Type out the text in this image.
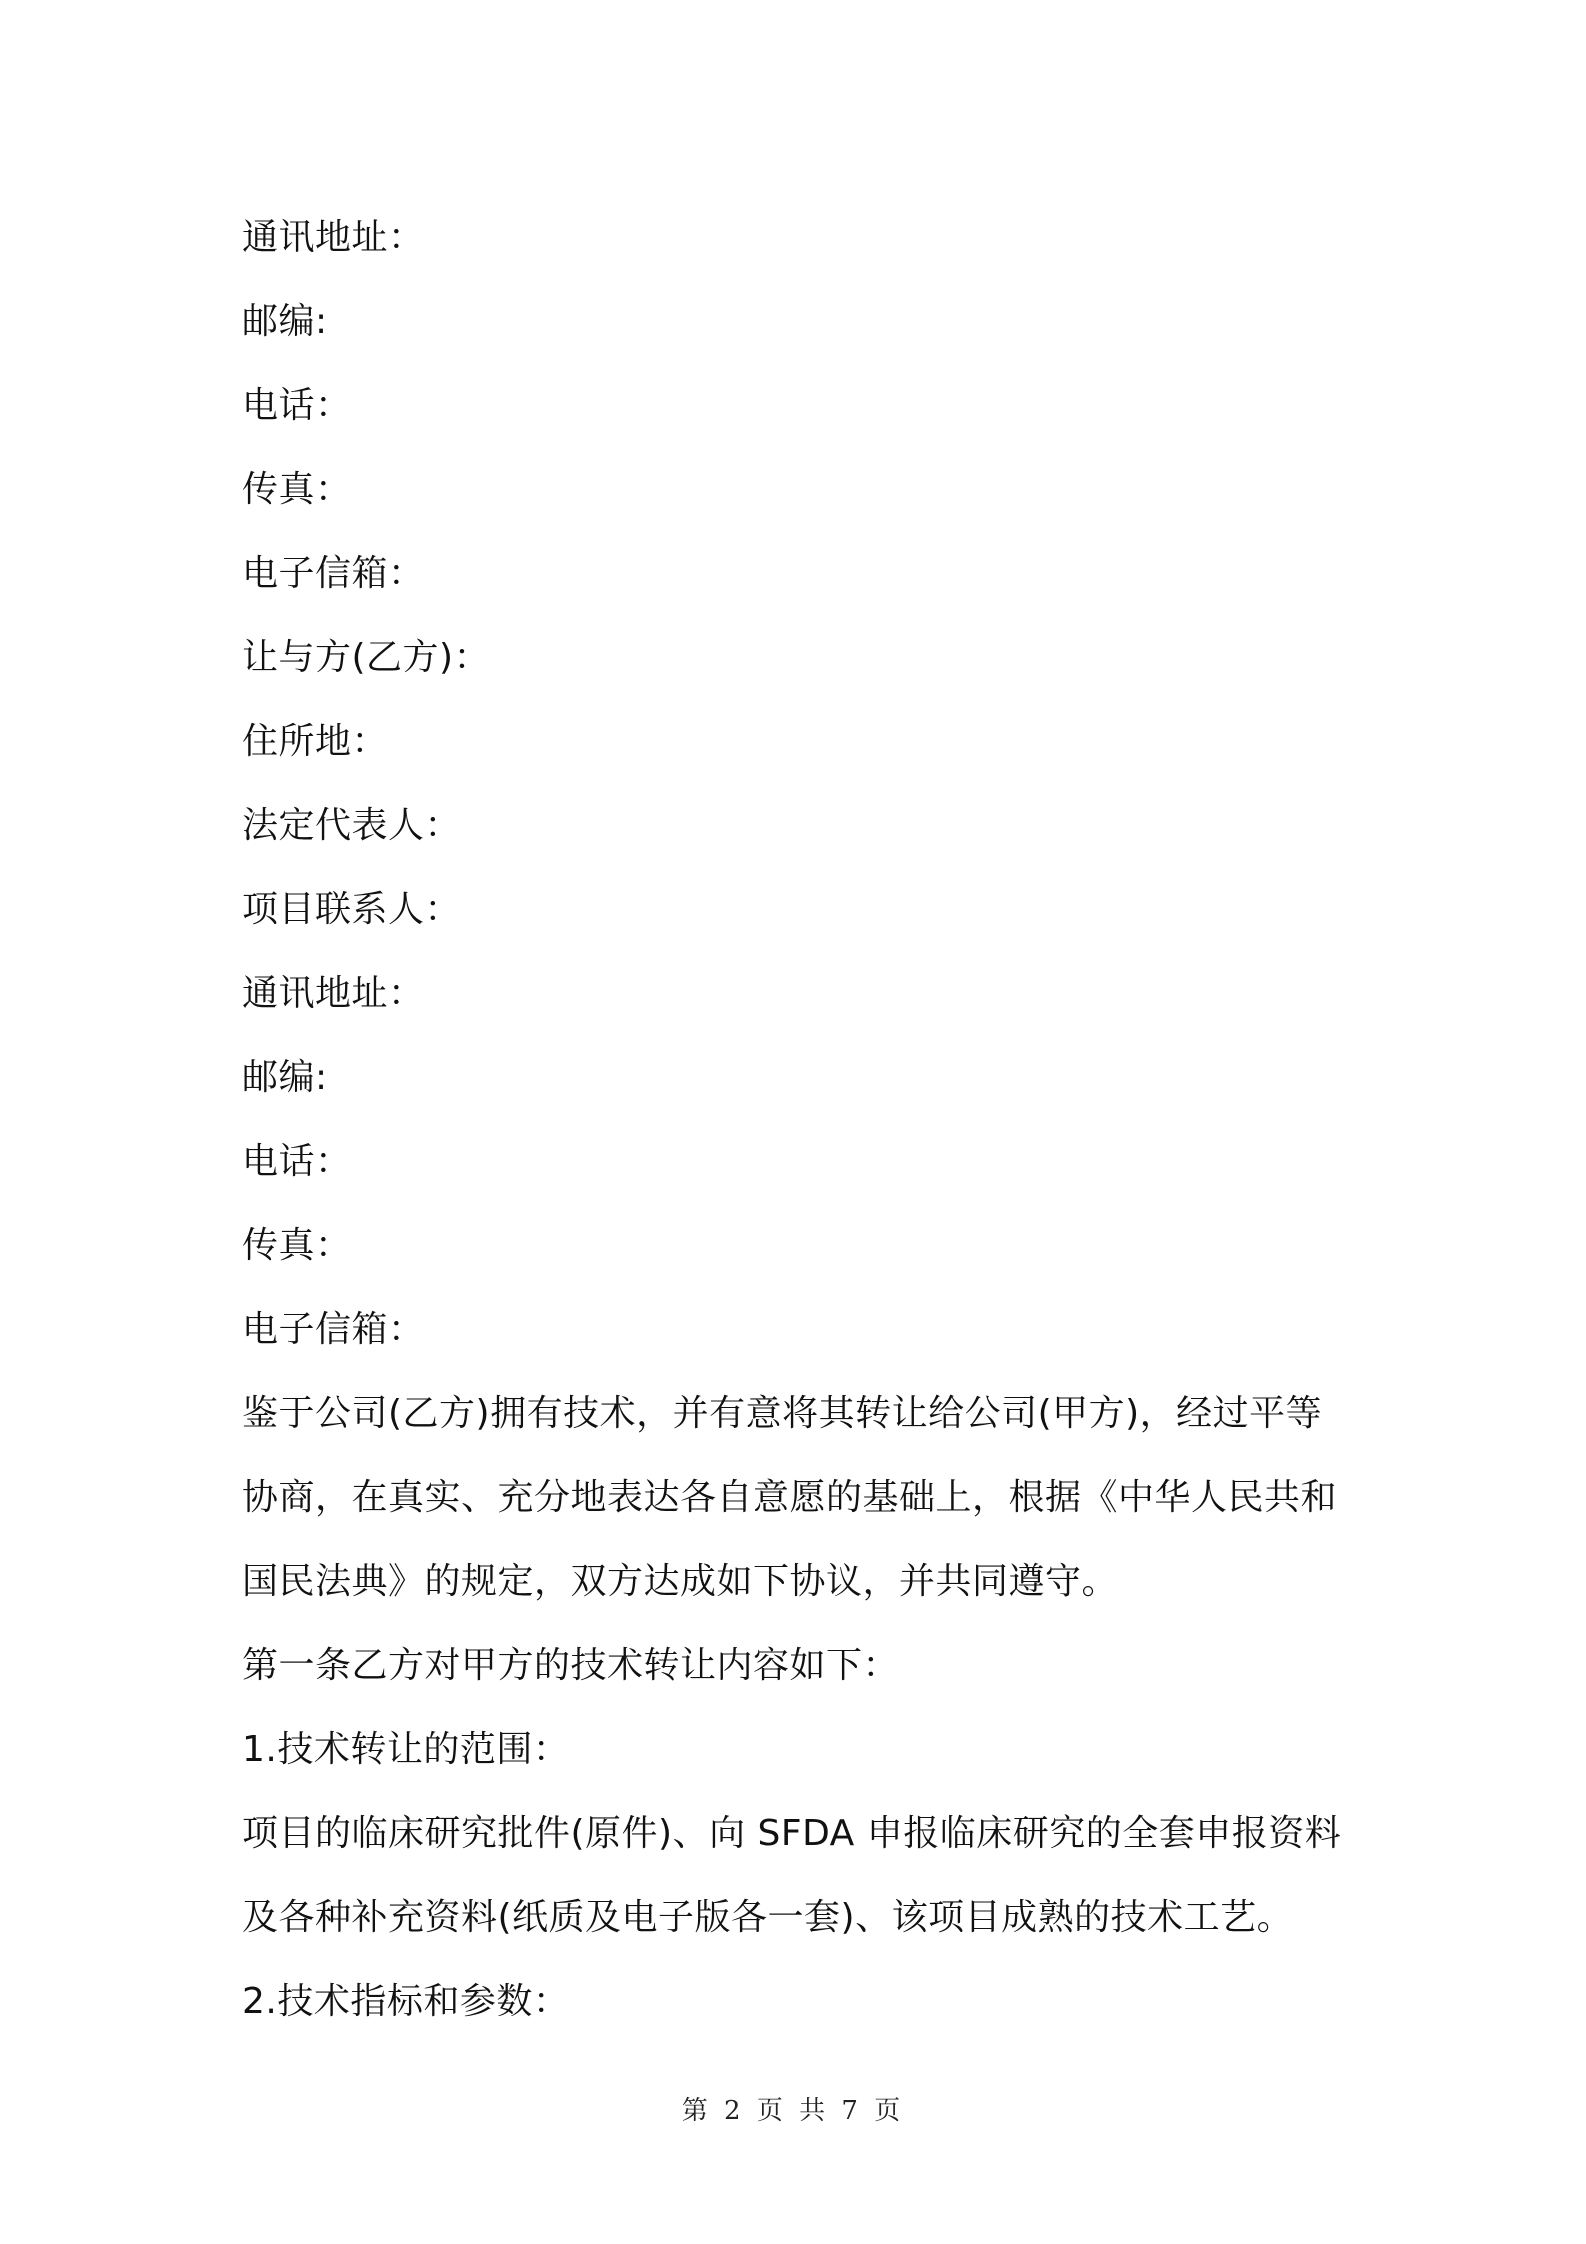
通讯地址：
邮编:
电话：
传真：
电子信箱：
让与方(乙方)：
住所地：
法定代表人：
项目联系人：
通讯地址：
邮编:
电话：
传真：
电子信箱：
鉴于公司(乙方)拥有技术，并有意将其转让给公司(甲方)，经过平等
协商，在真实、充分地表达各自意愿的基础上，根据《中华人民共和
国民法典》的规定，双方达成如下协议，并共同遵守。
第一条乙方对甲方的技术转让内容如下：
1.技术转让的范围：
项目的临床研究批件(原件)、向 SFDA 申报临床研究的全套申报资料
及各种补充资料(纸质及电子版各一套)、该项目成熟的技术工艺。
2.技术指标和参数：
第 2 页 共 7 页
